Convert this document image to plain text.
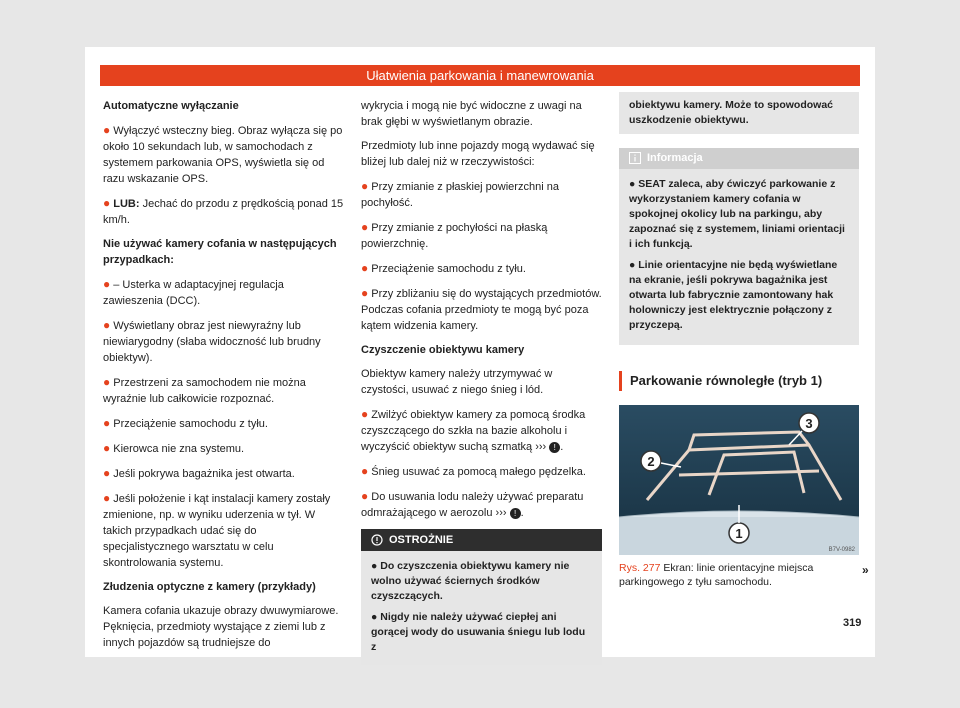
Ułatwienia parkowania i manewrowania

Automatyczne wyłączanie

● Wyłączyć wsteczny bieg. Obraz wyłącza się po około 10 sekundach lub, w samochodach z systemem parkowania OPS, wyświetla się od razu wskazanie OPS.

● LUB: Jechać do przodu z prędkością ponad 15 km/h.

Nie używać kamery cofania w następujących przypadkach:

● – Usterka w adaptacyjnej regulacja zawieszenia (DCC).

● Wyświetlany obraz jest niewyraźny lub niewiarygodny (słaba widoczność lub brudny obiektyw).

● Przestrzeni za samochodem nie można wyraźnie lub całkowicie rozpoznać.

● Przeciążenie samochodu z tyłu.

● Kierowca nie zna systemu.

● Jeśli pokrywa bagażnika jest otwarta.

● Jeśli położenie i kąt instalacji kamery zostały zmienione, np. w wyniku uderzenia w tył. W takich przypadkach udać się do specjalistycznego warsztatu w celu skontrolowania systemu.

Złudzenia optyczne z kamery (przykłady)

Kamera cofania ukazuje obrazy dwuwymiarowe. Pęknięcia, przedmioty wystające z ziemi lub z innych pojazdów są trudniejsze do

wykrycia i mogą nie być widoczne z uwagi na brak głębi w wyświetlanym obrazie.

Przedmioty lub inne pojazdy mogą wydawać się bliżej lub dalej niż w rzeczywistości:

● Przy zmianie z płaskiej powierzchni na pochyłość.

● Przy zmianie z pochyłości na płaską powierzchnię.

● Przeciążenie samochodu z tyłu.

● Przy zbliżaniu się do wystających przedmiotów. Podczas cofania przedmioty te mogą być poza kątem widzenia kamery.

Czyszczenie obiektywu kamery

Obiektyw kamery należy utrzymywać w czystości, usuwać z niego śnieg i lód.

● Zwilżyć obiektyw kamery za pomocą środka czyszczącego do szkła na bazie alkoholu i wyczyścić obiektyw suchą szmatką ››› ! .

● Śnieg usuwać za pomocą małego pędzelka.

● Do usuwania lodu należy używać preparatu odmrażającego w aerozolu ››› ! .

OSTROŻNIE

● Do czyszczenia obiektywu kamery nie wolno używać ściernych środków czyszczących.

● Nigdy nie należy używać ciepłej ani gorącej wody do usuwania śniegu lub lodu z

obiektywu kamery. Może to spowodować uszkodzenie obiektywu.
Informacja

● SEAT zaleca, aby ćwiczyć parkowanie z wykorzystaniem kamery cofania w spokojnej okolicy lub na parkingu, aby zapoznać się z systemem, liniami orientacji i ich funkcją.

● Linie orientacyjne nie będą wyświetlane na ekranie, jeśli pokrywa bagażnika jest otwarta lub fabrycznie zamontowany hak holowniczy jest elektrycznie połączony z przyczepą.

Parkowanie równoległe (tryb 1)
1
2
3
B7V-0982
Rys. 277 Ekran: linie orientacyjne miejsca parkingowego z tyłu samochodu.
»
319
